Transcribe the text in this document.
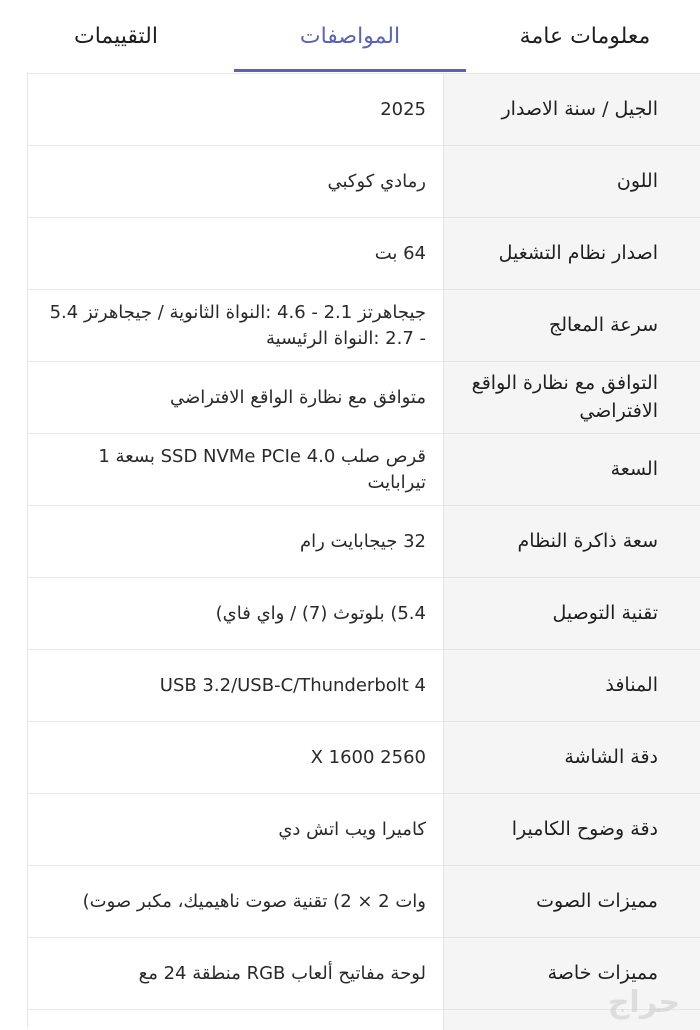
معلومات عامة
المواصفات
التقييمات
الجيل / سنة الاصدار
2025
اللون
رمادي كوكبي
اصدار نظام التشغيل
64 بت
سرعة المعالج
جيجاهرتز 2.1 - 4.6 :النواة الثانوية / جيجاهرتز 5.4 - 2.7 :النواة الرئيسية
التوافق مع نظارة الواقع الافتراضي
متوافق مع نظارة الواقع الافتراضي
السعة
قرص صلب SSD NVMe PCIe 4.0 بسعة 1 تيرابايت
سعة ذاكرة النظام
32 جيجابايت رام
تقنية التوصيل
5.4) بلوتوث (7) / واي فاي)
المنافذ
USB 3.2/USB-C/Thunderbolt 4
دقة الشاشة
X 1600 2560
دقة وضوح الكاميرا
كاميرا ويب اتش دي
مميزات الصوت
وات 2 × 2) تقنية صوت ناهيميك، مكبر صوت)
مميزات خاصة
لوحة مفاتيح ألعاب RGB منطقة 24 مع
حراج
